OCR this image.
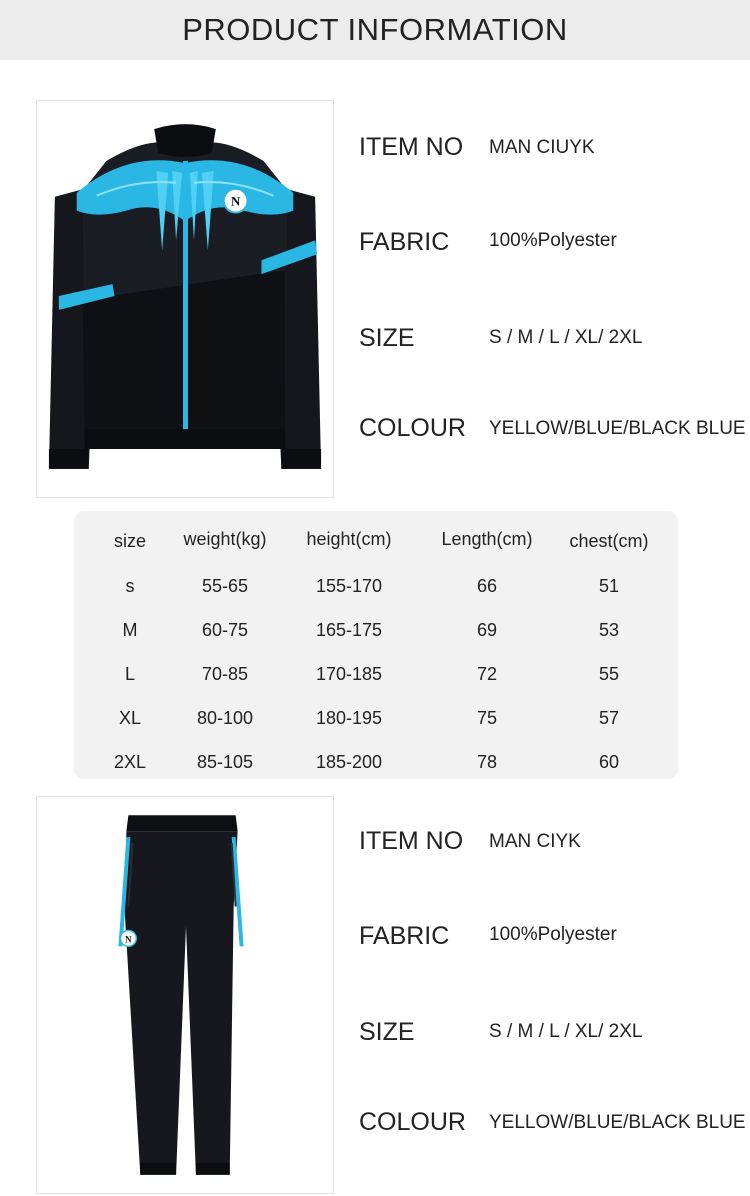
PRODUCT INFORMATION
N
ITEM NO MAN CIUYK
FABRIC 100%Polyester
SIZE	S / M / L / XL/ 2XL
COLOUR YELLOW/BLUE/BLACK BLUE
size weight(kg) height(cm)	Length(cm) chest(cm)
s	55-65	155-170	66	51
M	60-75	165-175	69	53
L	70-85	170-185	72	55
XL	80-100	180-195	75	57
2XL	85-105	185-200	78	60
N
ITEM NO MAN CIYK
FABRIC 100%Polyester
SIZE	S / M / L / XL/ 2XL
COLOUR YELLOW/BLUE/BLACK BLUE
